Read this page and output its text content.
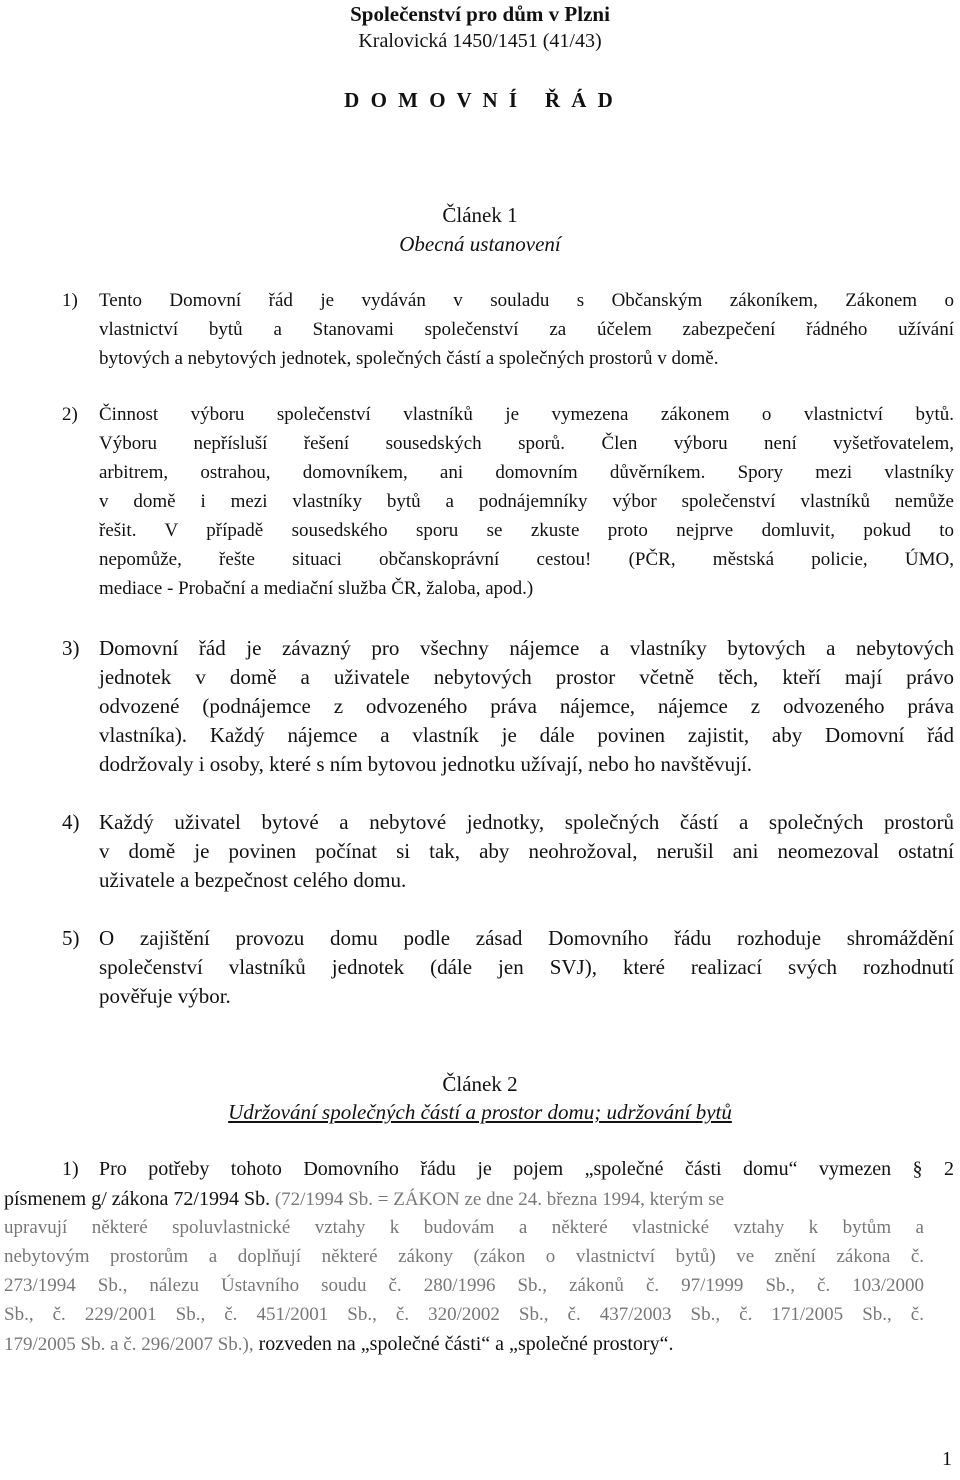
Společenství pro dům v Plzni
Kralovická 1450/1451 (41/43)
D O M O V N Í   Ř Á D
Článek 1
Obecná ustanovení
1) Tento Domovní řád je vydáván v souladu s Občanským zákoníkem, Zákonem o
vlastnictví bytů a Stanovami společenství za účelem zabezpečení řádného užívání
bytových a nebytových jednotek, společných částí a společných prostorů v domě.
2) Činnost výboru společenství vlastníků je vymezena zákonem o vlastnictví bytů.
Výboru nepřísluší řešení sousedských sporů. Člen výboru není vyšetřovatelem,
arbitrem, ostrahou, domovníkem, ani domovním důvěrníkem. Spory mezi vlastníky
v domě i mezi vlastníky bytů a podnájemníky výbor společenství vlastníků nemůže
řešit. V případě sousedského sporu se zkuste proto nejprve domluvit, pokud to
nepomůže, řešte situaci občanskoprávní cestou! (PČR, městská policie, ÚMO,
mediace - Probační a mediační služba ČR, žaloba, apod.)
3) Domovní řád je závazný pro všechny nájemce a vlastníky bytových a nebytových
jednotek v domě a uživatele nebytových prostor včetně těch, kteří mají právo
odvozené (podnájemce z odvozeného práva nájemce, nájemce z odvozeného práva
vlastníka). Každý nájemce a vlastník je dále povinen zajistit, aby Domovní řád
dodržovaly i osoby, které s ním bytovou jednotku užívají, nebo ho navštěvují.
4) Každý uživatel bytové a nebytové jednotky, společných částí a společných prostorů
v domě je povinen počínat si tak, aby neohrožoval, nerušil ani neomezoval ostatní
uživatele a bezpečnost celého domu.
5) O zajištění provozu domu podle zásad Domovního řádu rozhoduje shromáždění
společenství vlastníků jednotek (dále jen SVJ), které realizací svých rozhodnutí
pověřuje výbor.
Článek 2
Udržování společných částí a prostor domu; udržování bytů
1) Pro potřeby tohoto Domovního řádu je pojem „společné části domu“ vymezen § 2
písmenem g/ zákona 72/1994 Sb. (72/1994 Sb. = ZÁKON ze dne 24. března 1994, kterým se
upravují některé spoluvlastnické vztahy k budovám a některé vlastnické vztahy k bytům a
nebytovým prostorům a doplňují některé zákony (zákon o vlastnictví bytů) ve znění zákona č.
273/1994 Sb., nálezu Ústavního soudu č. 280/1996 Sb., zákonů č. 97/1999 Sb., č. 103/2000
Sb., č. 229/2001 Sb., č. 451/2001 Sb., č. 320/2002 Sb., č. 437/2003 Sb., č. 171/2005 Sb., č.
179/2005 Sb. a č. 296/2007 Sb.), rozveden na „společné části“ a „společné prostory“.
1
